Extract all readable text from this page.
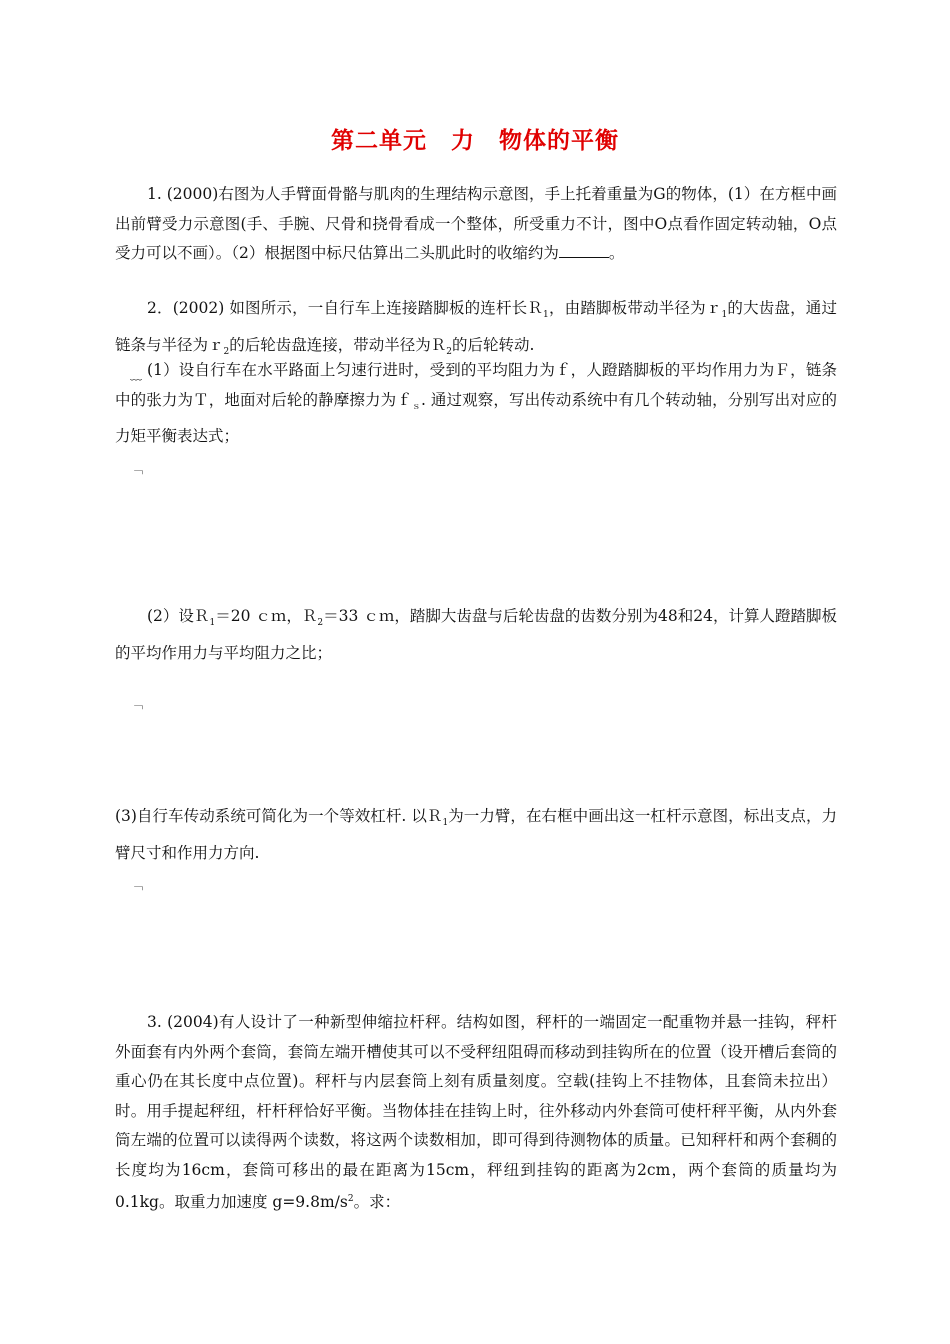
第二单元　力　物体的平衡
1. (2000)右图为人手臂面骨骼与肌肉的生理结构示意图，手上托着重量为G的物体，(1）在方框中画出前臂受力示意图(手、手腕、尺骨和挠骨看成一个整体，所受重力不计，图中O点看作固定转动轴，O点受力可以不画）。（2）根据图中标尺估算出二头肌此时的收缩约为	。
2．(2002) 如图所示，一自行车上连接踏脚板的连杆长Ｒ$_1$，由踏脚板带动半径为ｒ$_1$的大齿盘，通过链条与半径为ｒ$_2$的后轮齿盘连接，带动半径为Ｒ$_2$的后轮转动.
﹏ (1）设自行车在水平路面上匀速行进时，受到的平均阻力为ｆ，人蹬踏脚板的平均作用力为Ｆ，链条中的张力为Ｔ，地面对后轮的静摩擦力为ｆ$_s$. 通过观察，写出传动系统中有几个转动轴，分别写出对应的力矩平衡表达式；
﹁
(2）设Ｒ$_1$＝20 ｃｍ，Ｒ$_2$＝33 ｃｍ，踏脚大齿盘与后轮齿盘的齿数分别为48和24，计算人蹬踏脚板的平均作用力与平均阻力之比；
﹁
(3)自行车传动系统可简化为一个等效杠杆. 以Ｒ$_1$为一力臂，在右框中画出这一杠杆示意图，标出支点，力臂尺寸和作用力方向.
﹁
3. (2004)有人设计了一种新型伸缩拉杆秤。结构如图，秤杆的一端固定一配重物并悬一挂钩，秤杆外面套有内外两个套筒，套筒左端开槽使其可以不受秤纽阻碍而移动到挂钩所在的位置（设开槽后套筒的重心仍在其长度中点位置)。秤杆与内层套筒上刻有质量刻度。空载(挂钩上不挂物体，且套筒未拉出）时。用手提起秤纽，杆杆秤恰好平衡。当物体挂在挂钩上时，往外移动内外套筒可使杆秤平衡，从内外套筒左端的位置可以读得两个读数，将这两个读数相加，即可得到待测物体的质量。已知秤杆和两个套稠的长度均为16cm，套筒可移出的最在距离为15cm，秤纽到挂钩的距离为2cm，两个套筒的质量均为0.1kg。取重力加速度 $g=9.8m/s^2$。求：
